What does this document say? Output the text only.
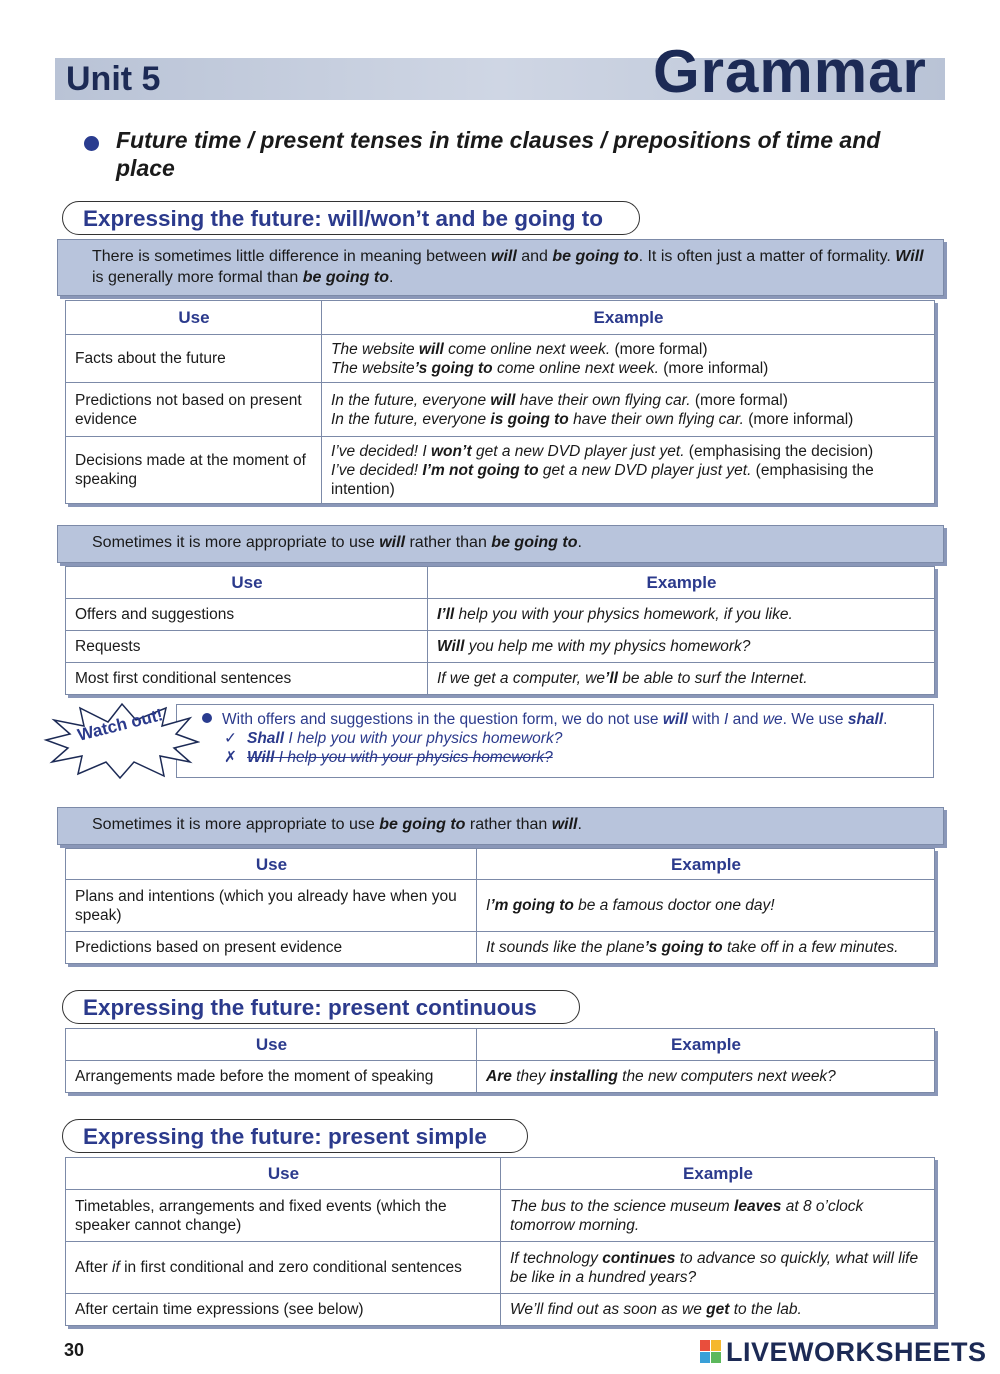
Unit 5	Grammar
Future time / present tenses in time clauses / prepositions of time and place
Expressing the future: will/won’t and be going to
There is sometimes little difference in meaning between will and be going to. It is often just a matter of formality. Will is generally more formal than be going to.
Use	Example
Facts about the future	The website will come online next week. (more formal)
The website’s going to come online next week. (more informal)

Predictions not based on present evidence	In the future, everyone will have their own flying car. (more formal)
In the future, everyone is going to have their own flying car. (more informal)

Decisions made at the moment of speaking	I’ve decided! I won’t get a new DVD player just yet. (emphasising the decision)
I’ve decided! I’m not going to get a new DVD player just yet. (emphasising the intention)
Sometimes it is more appropriate to use will rather than be going to.
Use	Example
Offers and suggestions	I’ll help you with your physics homework, if you like.
Requests	Will you help me with my physics homework?
Most first conditional sentences	If we get a computer, we’ll be able to surf the Internet.
Watch out!	With offers and suggestions in the question form, we do not use will with I and we. We use shall.
✓ Shall I help you with your physics homework?
✗ Will I help you with your physics homework?
Sometimes it is more appropriate to use be going to rather than will.
Use	Example
Plans and intentions (which you already have when you speak)	I’m going to be a famous doctor one day!
Predictions based on present evidence	It sounds like the plane’s going to take off in a few minutes.
Expressing the future: present continuous
Use	Example
Arrangements made before the moment of speaking	Are they installing the new computers next week?
Expressing the future: present simple
Use	Example
Timetables, arrangements and fixed events (which the speaker cannot change)	The bus to the science museum leaves at 8 o’clock tomorrow morning.
After if in first conditional and zero conditional sentences	If technology continues to advance so quickly, what will life be like in a hundred years?
After certain time expressions (see below)	We’ll find out as soon as we get to the lab.
30	LIVEWORKSHEETS
